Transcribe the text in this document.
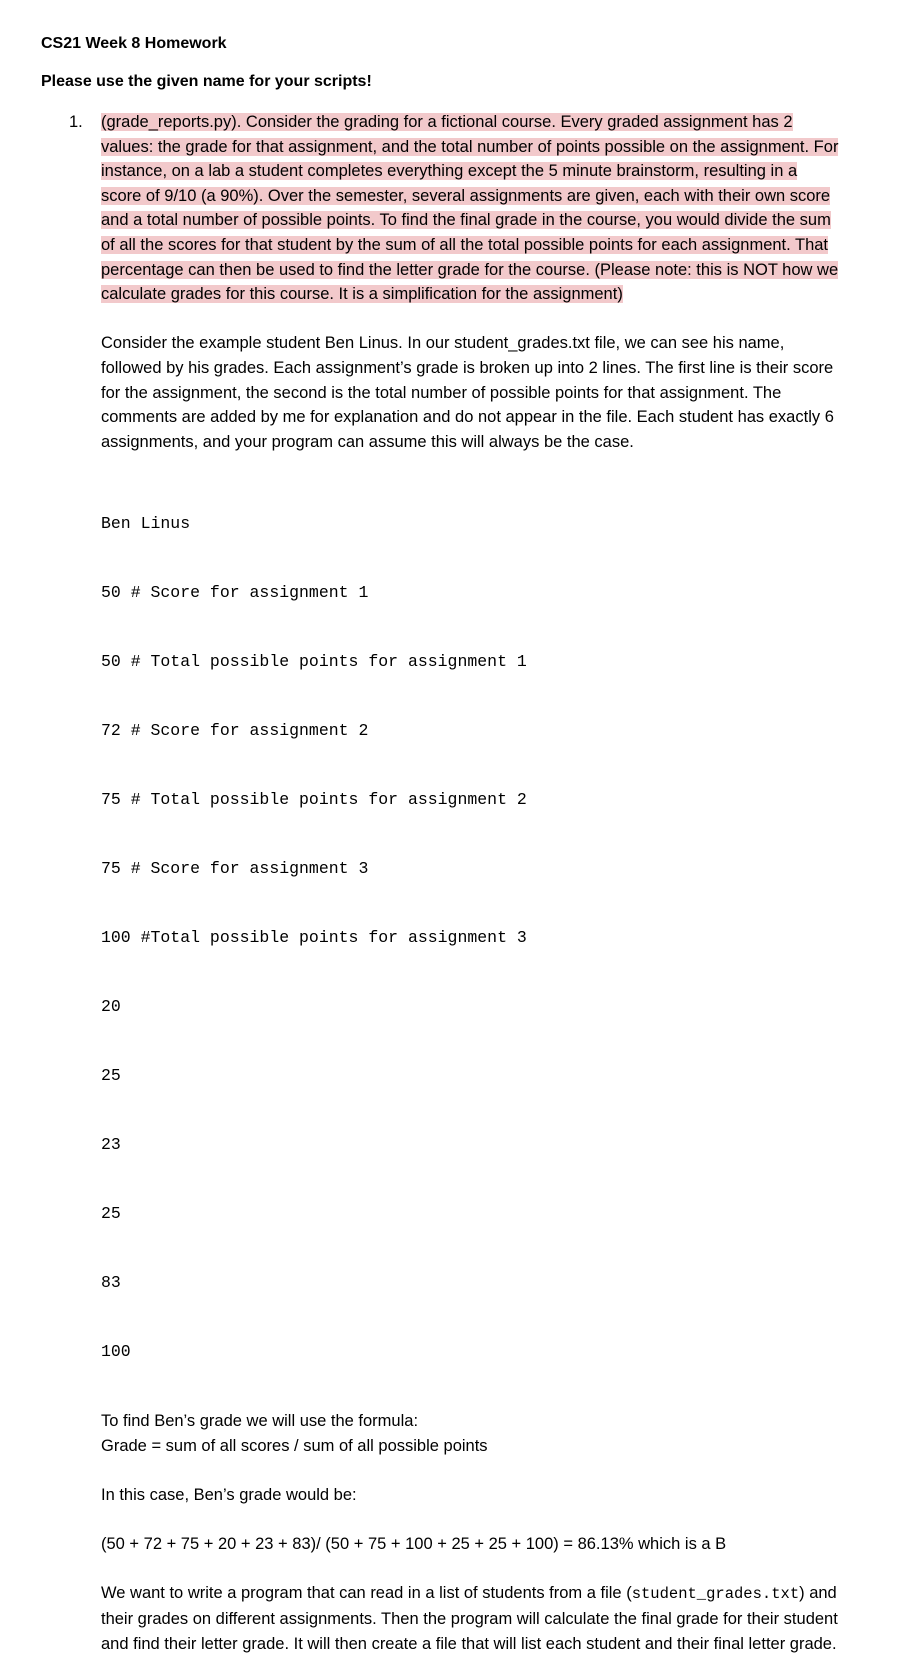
CS21 Week 8 Homework

Please use the given name for your scripts!

1. (grade_reports.py). Consider the grading for a fictional course. Every graded assignment has 2 values: the grade for that assignment, and the total number of points possible on the assignment. For instance, on a lab a student completes everything except the 5 minute brainstorm, resulting in a score of 9/10 (a 90%). Over the semester, several assignments are given, each with their own score and a total number of possible points. To find the final grade in the course, you would divide the sum of all the scores for that student by the sum of all the total possible points for each assignment. That percentage can then be used to find the letter grade for the course. (Please note: this is NOT how we calculate grades for this course. It is a simplification for the assignment)

Consider the example student Ben Linus. In our student_grades.txt file, we can see his name, followed by his grades. Each assignment’s grade is broken up into 2 lines. The first line is their score for the assignment, the second is the total number of possible points for that assignment. The comments are added by me for explanation and do not appear in the file. Each student has exactly 6 assignments, and your program can assume this will always be the case.

Ben Linus

50 # Score for assignment 1

50 # Total possible points for assignment 1

72 # Score for assignment 2

75 # Total possible points for assignment 2

75 # Score for assignment 3

100 #Total possible points for assignment 3

20

25

23

25

83

100

To find Ben’s grade we will use the formula:

Grade = sum of all scores / sum of all possible points

In this case, Ben’s grade would be:

(50 + 72 + 75 + 20 + 23 + 83)/ (50 + 75 + 100 + 25 + 25 + 100) = 86.13% which is a B

We want to write a program that can read in a list of students from a file (student_grades.txt) and their grades on different assignments. Then the program will calculate the final grade for their student and find their letter grade. It will then create a file that will list each student and their final letter grade.
